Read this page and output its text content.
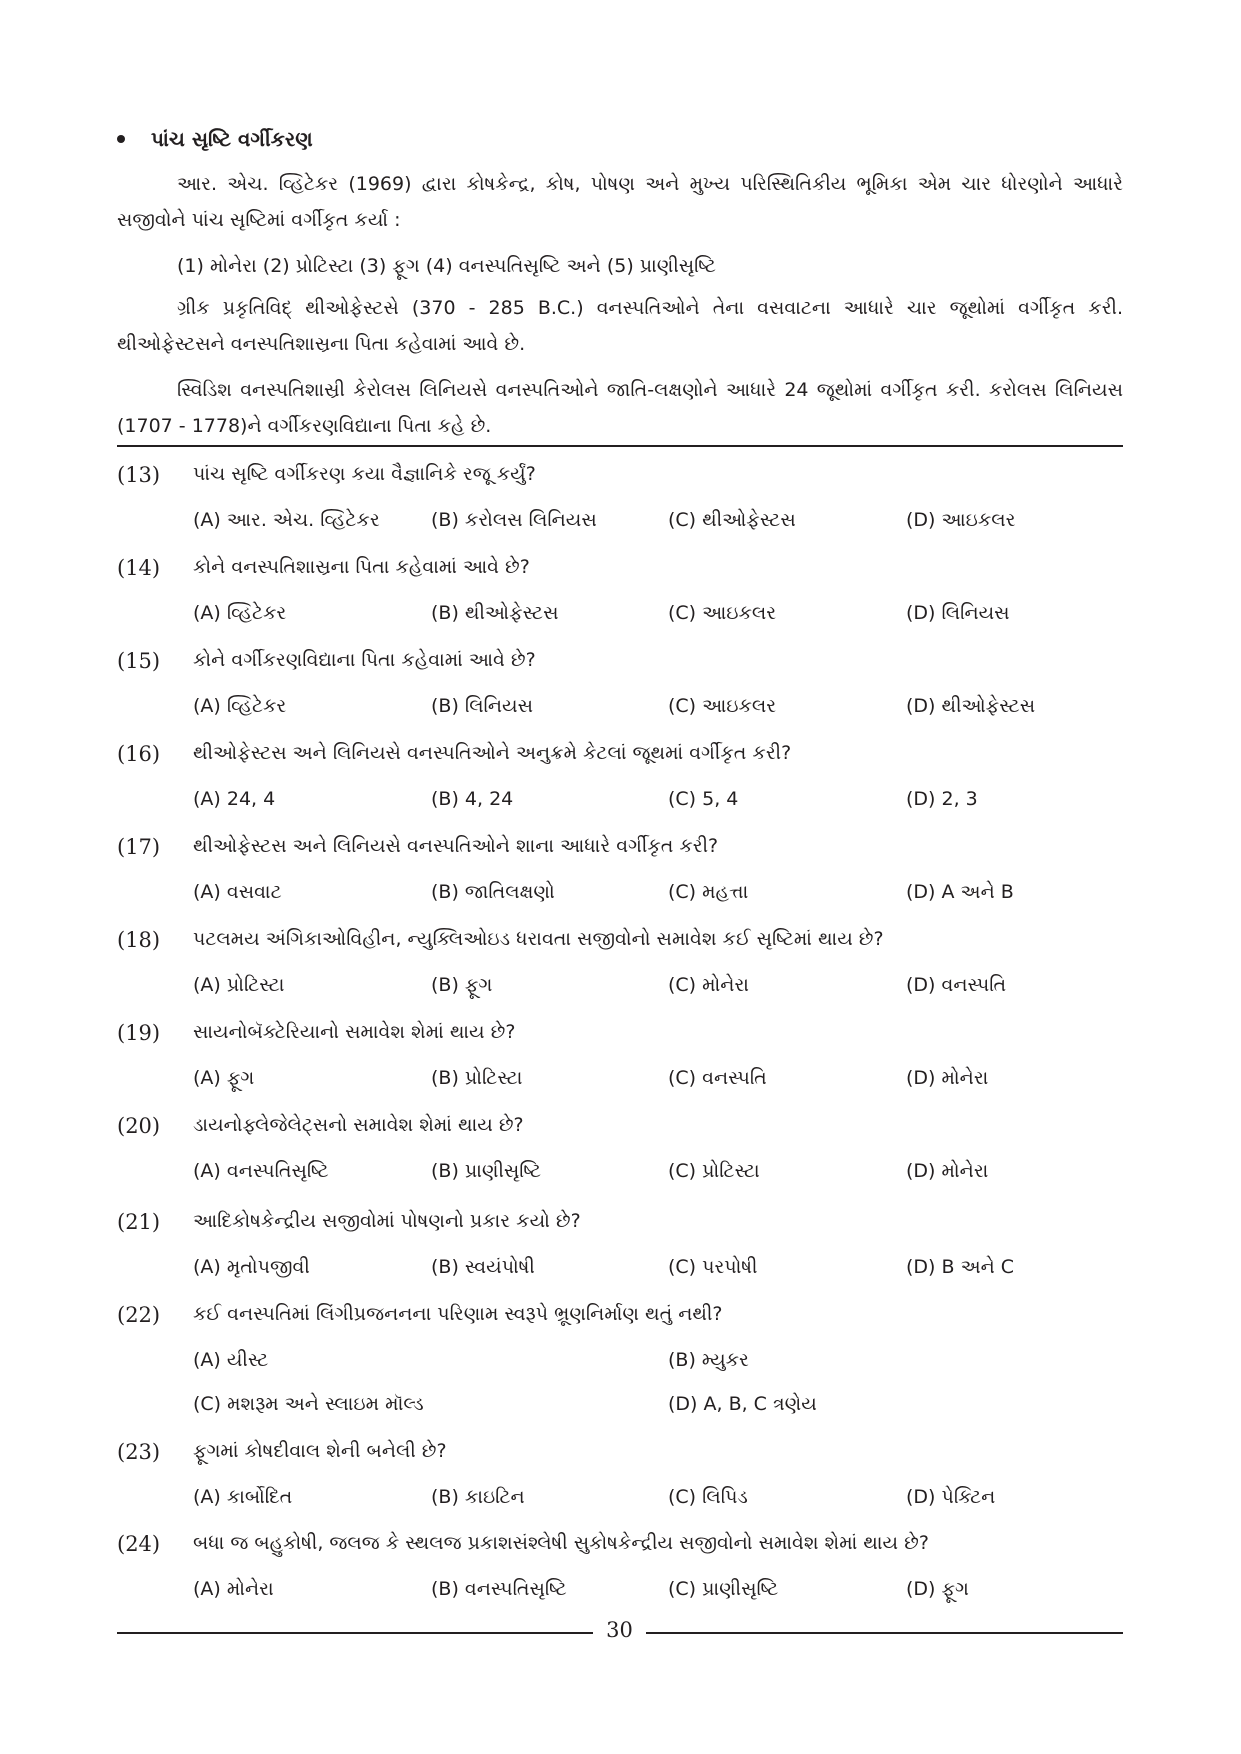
પાંચ સૃષ્ટિ વર્ગીકરણ
આર. એચ. વ્હિટેકર (1969) દ્વારા કોષકેન્દ્ર, કોષ, પોષણ અને મુખ્ય પરિસ્થિતિકીય ભૂમિકા એમ ચાર ધોરણોને આધારે સજીવોને પાંચ સૃષ્ટિમાં વર્ગીકૃત કર્યા :
(1) મોનેરા (2) પ્રોટિસ્ટા (3) ફૂગ (4) વનસ્પતિસૃષ્ટિ અને (5) પ્રાણીસૃષ્ટિ
ગ્રીક પ્રકૃતિવિદ્ થીઓફેસ્ટસે (370 - 285 B.C.) વનસ્પતિઓને તેના વસવાટના આધારે ચાર જૂથોમાં વર્ગીકૃત કરી. થીઓફેસ્ટસને વનસ્પતિશાસ્રના પિતા કહેવામાં આવે છે.
સ્વિડિશ વનસ્પતિશાસ્રી કેરોલસ લિનિયસે વનસ્પતિઓને જાતિ-લક્ષણોને આધારે 24 જૂથોમાં વર્ગીકૃત કરી. કરોલસ લિનિયસ (1707 - 1778)ને વર્ગીકરણવિદ્યાના પિતા કહે છે.
(13) પાંચ સૃષ્ટિ વર્ગીકરણ કયા વૈજ્ઞાનિકે રજૂ કર્યું?
(A) આર. એચ. વ્હિટેકર	(B) કરોલસ લિનિયસ	(C) થીઓફેસ્ટસ	(D) આઇકલર
(14) કોને વનસ્પતિશાસ્રના પિતા કહેવામાં આવે છે?
(A) વ્હિટેકર	(B) થીઓફેસ્ટસ	(C) આઇકલર	(D) લિનિયસ
(15) કોને વર્ગીકરણવિદ્યાના પિતા કહેવામાં આવે છે?
(A) વ્હિટેકર	(B) લિનિયસ	(C) આઇકલર	(D) થીઓફેસ્ટસ
(16) થીઓફેસ્ટસ અને લિનિયસે વનસ્પતિઓને અનુક્રમે કેટલાં જૂથમાં વર્ગીકૃત કરી?
(A) 24, 4	(B) 4, 24	(C) 5, 4	(D) 2, 3
(17) થીઓફેસ્ટસ અને લિનિયસે વનસ્પતિઓને શાના આધારે વર્ગીકૃત કરી?
(A) વસવાટ	(B) જાતિલક્ષણો	(C) મહત્તા	(D) A અને B
(18) પટલમય અંગિકાઓવિહીન, ન્યુક્લિઓઇડ ધરાવતા સજીવોનો સમાવેશ કઈ સૃષ્ટિમાં થાય છે?
(A) પ્રોટિસ્ટા	(B) ફૂગ	(C) મોનેરા	(D) વનસ્પતિ
(19) સાયનોબૅક્ટેરિયાનો સમાવેશ શેમાં થાય છે?
(A) ફૂગ	(B) પ્રોટિસ્ટા	(C) વનસ્પતિ	(D) મોનેરા
(20) ડાયનોફ્લેજેલેટ્સનો સમાવેશ શેમાં થાય છે?
(A) વનસ્પતિસૃષ્ટિ	(B) પ્રાણીસૃષ્ટિ	(C) પ્રોટિસ્ટા	(D) મોનેરા
(21) આદિકોષકેન્દ્રીય સજીવોમાં પોષણનો પ્રકાર કયો છે?
(A) મૃતોપજીવી	(B) સ્વયંપોષી	(C) પરપોષી	(D) B અને C
(22) કઈ વનસ્પતિમાં લિંગીપ્રજનનના પરિણામ સ્વરૂપે ભ્રૂણનિર્માણ થતું નથી?
(A) યીસ્ટ	(B) મ્યુકર
(C) મશરૂમ અને સ્લાઇમ મૉલ્ડ	(D) A, B, C ત્રણેય
(23) ફૂગમાં કોષદીવાલ શેની બનેલી છે?
(A) કાર્બોદિત	(B) કાઇટિન	(C) લિપિડ	(D) પેક્ટિન
(24) બધા જ બહુકોષી, જલજ કે સ્થલજ પ્રકાશસંશ્લેષી સુકોષકેન્દ્રીય સજીવોનો સમાવેશ શેમાં થાય છે?
(A) મોનેરા	(B) વનસ્પતિસૃષ્ટિ	(C) પ્રાણીસૃષ્ટિ	(D) ફૂગ
30
